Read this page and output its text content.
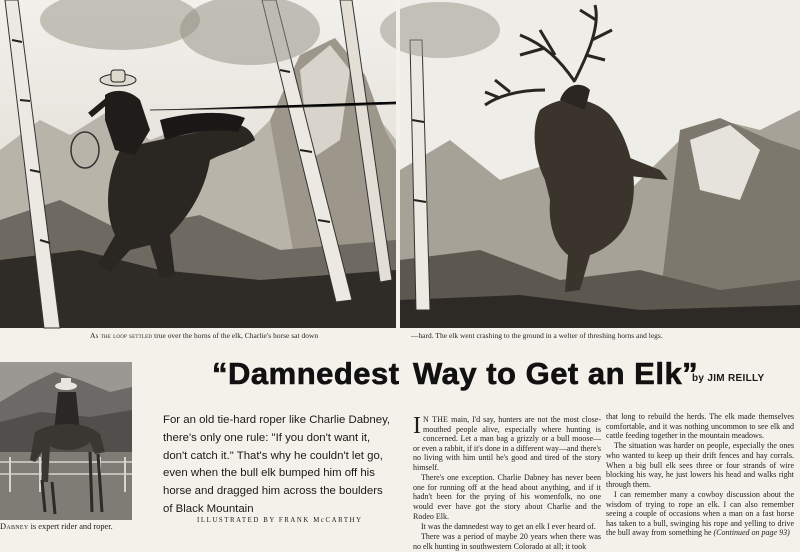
As the loop settled true over the horns of the elk, Charlie's horse sat down	—hard. The elk went crashing to the ground in a welter of threshing horns and legs.
Dabney is expert rider and roper.
“Damnedest Way to Get an Elk”
by JIM REILLY
For an old tie-hard roper like Charlie Dabney, there's only one rule: "If you don't want it, don't catch it." That's why he couldn't let go, even when the bull elk bumped him off his horse and dragged him across the boulders of Black Mountain
ILLUSTRATED BY FRANK McCARTHY

I N THE main, I'd say, hunters are not the most close-mouthed people alive, especially where hunting is concerned. Let a man bag a grizzly or a bull moose—or even a rabbit, if it's done in a different way—and there's no living with him until he's good and tired of the story himself.

There's one exception. Charlie Dabney has never been one for running off at the head about anything, and if it hadn't been for the prying of his womenfolk, no one would ever have got the story about Charlie and the Rodeo Elk.

It was the damnedest way to get an elk I ever heard of.

There was a period of maybe 20 years when there was no elk hunting in southwestern Colorado at all; it took

that long to rebuild the herds. The elk made themselves comfortable, and it was nothing uncommon to see elk and cattle feeding together in the mountain meadows.

The situation was harder on people, especially the ones who wanted to keep up their drift fences and hay corrals. When a big bull elk sees three or four strands of wire blocking his way, he just lowers his head and walks right through them.

I can remember many a cowboy discussion about the wisdom of trying to rope an elk. I can also remember seeing a couple of occasions when a man on a fast horse has taken to a bull, swinging his rope and yelling to drive the bull away from something he (Continued on page 93)
